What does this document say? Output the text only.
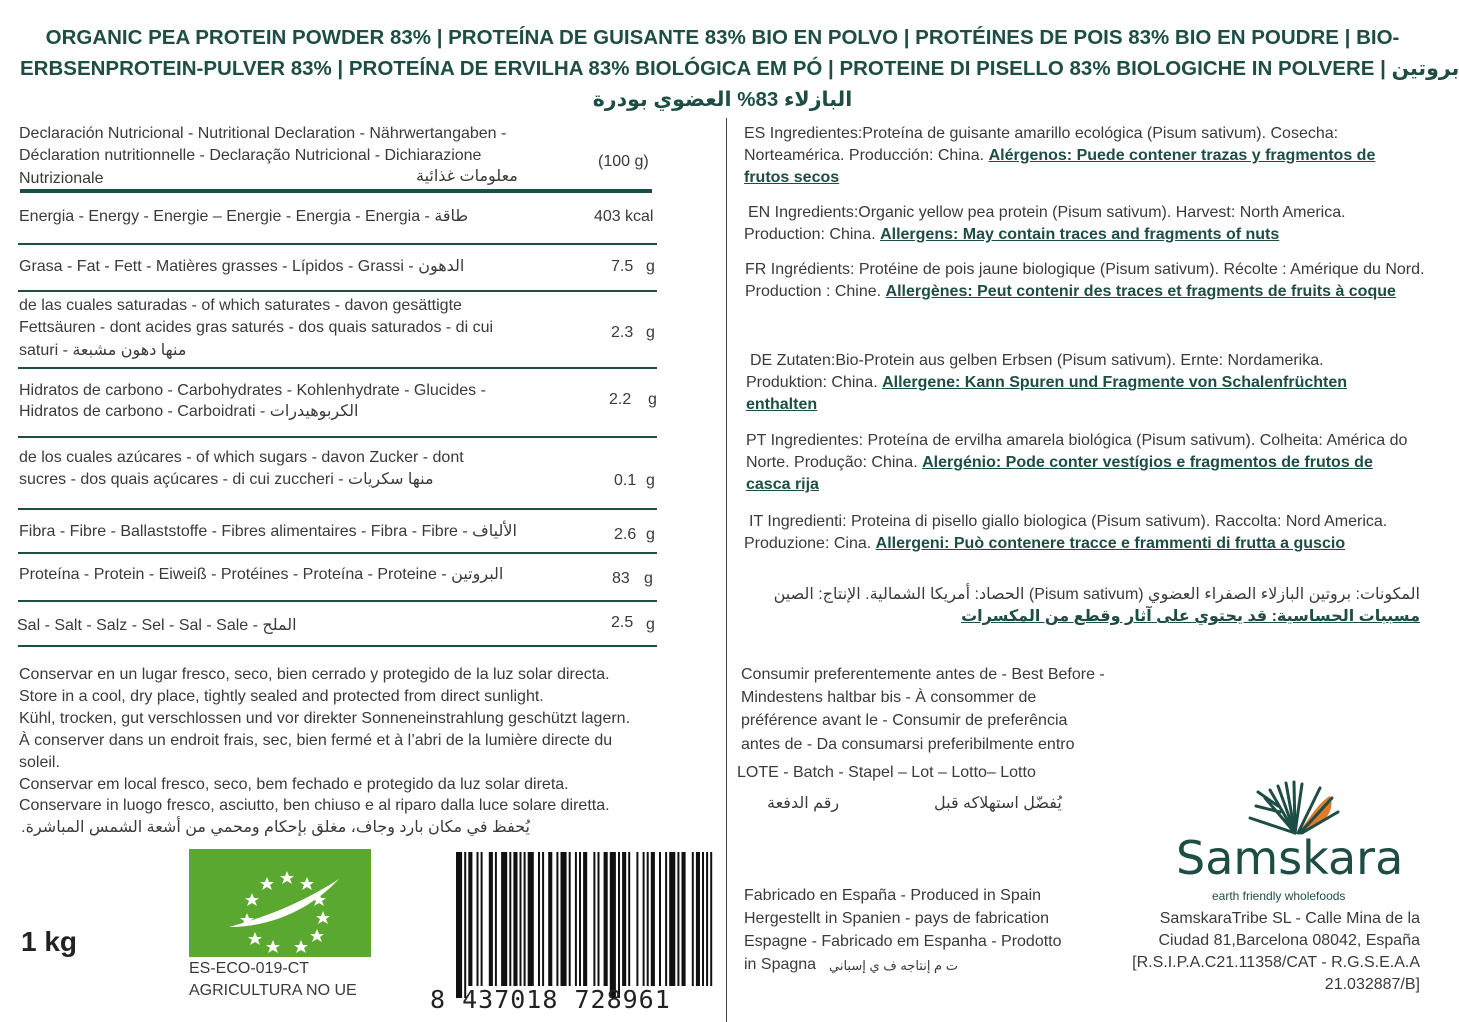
ORGANIC PEA PROTEIN POWDER 83% | PROTEÍNA DE GUISANTE 83% BIO EN POLVO | PROTÉINES DE POIS 83% BIO EN POUDRE | BIO-
ERBSENPROTEIN-PULVER 83% | PROTEÍNA DE ERVILHA 83% BIOLÓGICA EM PÓ | PROTEINE DI PISELLO 83% BIOLOGICHE IN POLVERE | بروتين
البازلاء 83% العضوي بودرة
Declaración Nutricional - Nutritional Declaration - Nährwertangaben -
Déclaration nutritionnelle - Declaração Nutricional - Dichiarazione
Nutrizionale	معلومات غذائية
(100 g)
Energia - Energy - Energie – Energie - Energia - Energia - طاقة	403 kcal
Grasa - Fat - Fett - Matières grasses - Lípidos - Grassi - الدهون	7.5 g
de las cuales saturadas - of which saturates - davon gesättigte
Fettsäuren - dont acides gras saturés - dos quais saturados - di cui
saturi - منها دهون مشبعة
2.3 g
Hidratos de carbono - Carbohydrates - Kohlenhydrate - Glucides -
Hidratos de carbono - Carboidrati - الكربوهيدرات
2.2 g
de los cuales azúcares - of which sugars - davon Zucker - dont
sucres - dos quais açúcares - di cui zuccheri - منها سكريات	0.1 g
Fibra - Fibre - Ballaststoffe - Fibres alimentaires - Fibra - Fibre - الألياف	2.6 g
Proteína - Protein - Eiweiß - Protéines - Proteína - Proteine - البروتين	83 g
Sal - Salt - Salz - Sel - Sal - Sale - الملح	2.5 g
Conservar en un lugar fresco, seco, bien cerrado y protegido de la luz solar directa.
Store in a cool, dry place, tightly sealed and protected from direct sunlight.
Kühl, trocken, gut verschlossen und vor direkter Sonneneinstrahlung geschützt lagern.
À conserver dans un endroit frais, sec, bien fermé et à l’abri de la lumière directe du
soleil.
Conservar em local fresco, seco, bem fechado e protegido da luz solar direta.
Conservare in luogo fresco, asciutto, ben chiuso e al riparo dalla luce solare diretta.
يُحفظ في مكان بارد وجاف، مغلق بإحكام ومحمي من أشعة الشمس المباشرة.
1 kg
ES-ECO-019-CT
AGRICULTURA NO UE	8 437018 728961
ES Ingredientes:Proteína de guisante amarillo ecológica (Pisum sativum). Cosecha: Norteamérica. Producción: China. Alérgenos: Puede contener trazas y fragmentos de frutos secos
EN Ingredients:Organic yellow pea protein (Pisum sativum). Harvest: North America. Production: China. Allergens: May contain traces and fragments of nuts
FR Ingrédients: Protéine de pois jaune biologique (Pisum sativum). Récolte : Amérique du Nord. Production : Chine. Allergènes: Peut contenir des traces et fragments de fruits à coque
DE Zutaten:Bio-Protein aus gelben Erbsen (Pisum sativum). Ernte: Nordamerika. Produktion: China. Allergene: Kann Spuren und Fragmente von Schalenfrüchten enthalten
PT Ingredientes: Proteína de ervilha amarela biológica (Pisum sativum). Colheita: América do Norte. Produção: China. Alergénio: Pode conter vestígios e fragmentos de frutos de casca rija
IT Ingredienti: Proteina di pisello giallo biologica (Pisum sativum). Raccolta: Nord America. Produzione: Cina. Allergeni: Può contenere tracce e frammenti di frutta a guscio
المكونات: بروتين البازلاء الصفراء العضوي (Pisum sativum) الحصاد: أمريكا الشمالية. الإنتاج: الصين
مسببات الحساسية: قد يحتوي على آثار وقطع من المكسرات
Consumir preferentemente antes de - Best Before -
Mindestens haltbar bis - À consommer de
préférence avant le - Consumir de preferência
antes de - Da consumarsi preferibilmente entro
LOTE - Batch - Stapel – Lot – Lotto– Lotto
رقم الدفعة	يُفضّل استهلاكه قبل
Fabricado en España - Produced in Spain
Hergestellt in Spanien - pays de fabrication
Espagne - Fabricado em Espanha - Prodotto
in Spagna ت م إنتاجه ف ي إسباني
Samskara
earth friendly wholefoods
SamskaraTribe SL - Calle Mina de la
Ciudad 81,Barcelona 08042, España
[R.S.I.P.A.C21.11358/CAT - R.G.S.E.A.A
21.032887/B]
